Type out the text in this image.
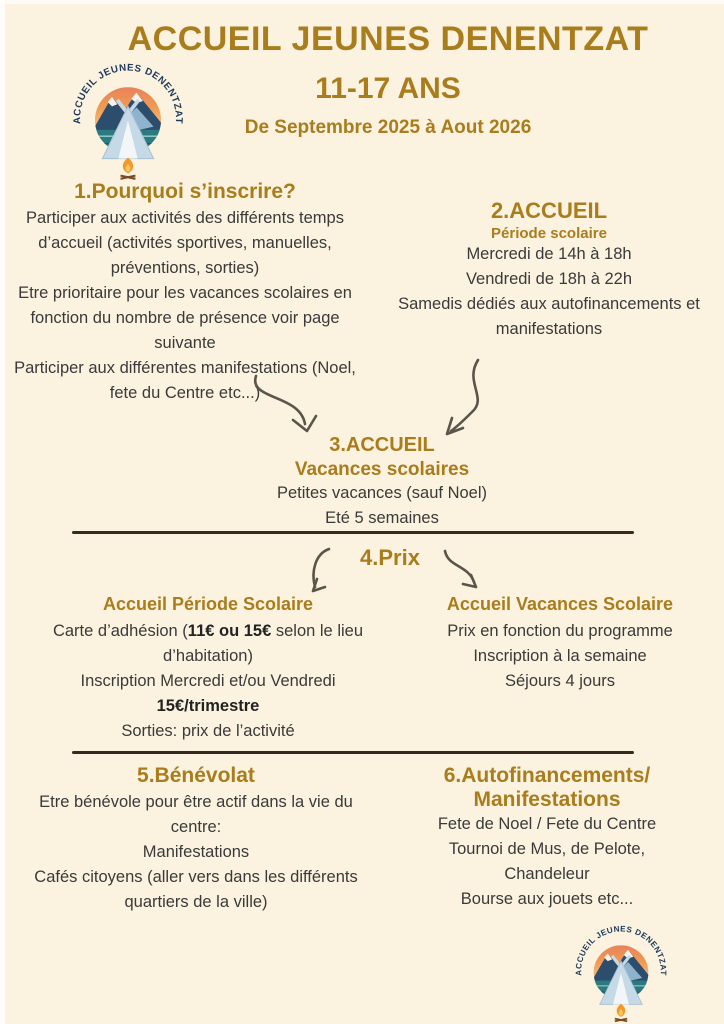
ACCUEIL JEUNES DENENTZAT
ACCUEIL JEUNES DENENTZAT
11-17 ANS
De Septembre 2025 à Aout 2026
1.Pourquoi s’inscrire?

Participer aux activités des différents temps d’accueil (activités sportives, manuelles, préventions, sorties)

Etre prioritaire pour les vacances scolaires en fonction du nombre de présence voir page suivante

Participer aux différentes manifestations (Noel, fete du Centre etc...)

2.ACCUEIL
Période scolaire

Mercredi de 14h à 18h

Vendredi de 18h à 22h

Samedis dédiés aux autofinancements et manifestations

3.ACCUEIL
Vacances scolaires

Petites vacances (sauf Noel)

Eté 5 semaines

4.Prix
Accueil Période Scolaire

Carte d’adhésion (11€ ou 15€ selon le lieu d’habitation)

Inscription Mercredi et/ou Vendredi

15€/trimestre

Sorties: prix de l’activité

Accueil Vacances Scolaire

Prix en fonction du programme

Inscription à la semaine

Séjours 4 jours

5.Bénévolat

Etre bénévole pour être actif dans la vie du centre:

Manifestations

Cafés citoyens (aller vers dans les différents quartiers de la ville)

6.Autofinancements/
Manifestations

Fete de Noel / Fete du Centre

Tournoi de Mus, de Pelote,

Chandeleur

Bourse aux jouets etc...

ACCUEIL JEUNES DENENTZAT
